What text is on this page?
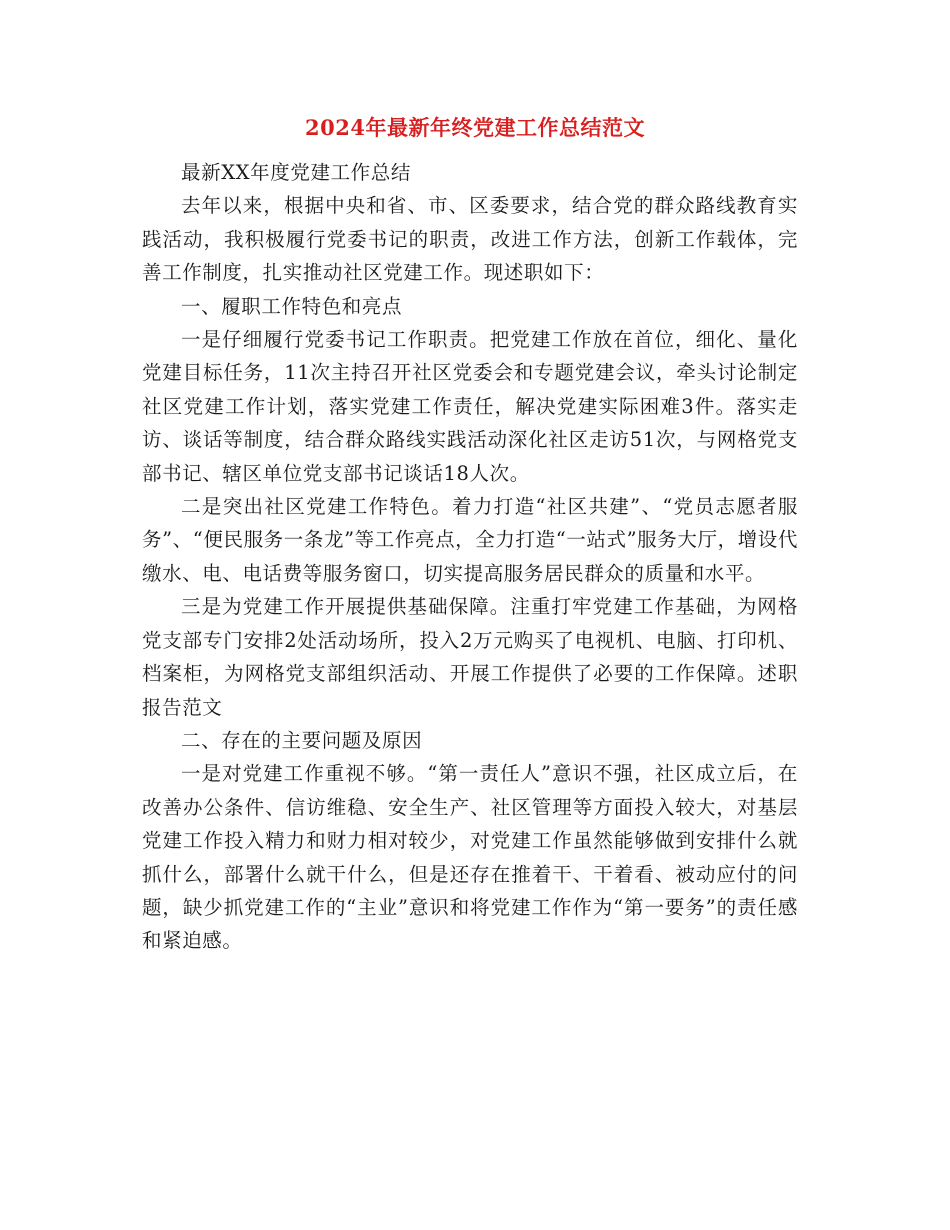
2024年最新年终党建工作总结范文

最新XX年度党建工作总结

去年以来，根据中央和省、市、区委要求，结合党的群众路线教育实践活动，我积极履行党委书记的职责，改进工作方法，创新工作载体，完善工作制度，扎实推动社区党建工作。现述职如下：

一、履职工作特色和亮点

一是仔细履行党委书记工作职责。把党建工作放在首位，细化、量化党建目标任务，11次主持召开社区党委会和专题党建会议，牵头讨论制定社区党建工作计划，落实党建工作责任，解决党建实际困难3件。落实走访、谈话等制度，结合群众路线实践活动深化社区走访51次，与网格党支部书记、辖区单位党支部书记谈话18人次。

二是突出社区党建工作特色。着力打造“社区共建”、“党员志愿者服务”、“便民服务一条龙”等工作亮点，全力打造“一站式”服务大厅，增设代缴水、电、电话费等服务窗口，切实提高服务居民群众的质量和水平。

三是为党建工作开展提供基础保障。注重打牢党建工作基础，为网格党支部专门安排2处活动场所，投入2万元购买了电视机、电脑、打印机、档案柜，为网格党支部组织活动、开展工作提供了必要的工作保障。述职报告范文

二、存在的主要问题及原因

一是对党建工作重视不够。“第一责任人”意识不强，社区成立后，在改善办公条件、信访维稳、安全生产、社区管理等方面投入较大，对基层党建工作投入精力和财力相对较少，对党建工作虽然能够做到安排什么就抓什么，部署什么就干什么，但是还存在推着干、干着看、被动应付的问题，缺少抓党建工作的“主业”意识和将党建工作作为“第一要务”的责任感和紧迫感。
